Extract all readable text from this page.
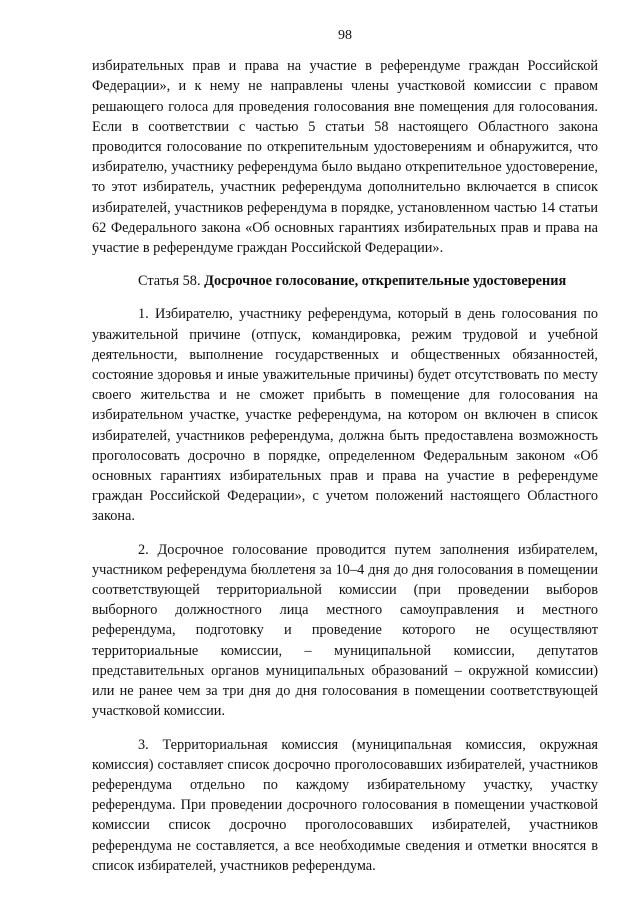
98

избирательных прав и права на участие в референдуме граждан Российской Федерации», и к нему не направлены члены участковой комиссии с правом решающего голоса для проведения голосования вне помещения для голосования. Если в соответствии с частью 5 статьи 58 настоящего Областного закона проводится голосование по открепительным удостоверениям и обнаружится, что избирателю, участнику референдума было выдано открепительное удостоверение, то этот избиратель, участник референдума дополнительно включается в список избирателей, участников референдума в порядке, установленном частью 14 статьи 62 Федерального закона «Об основных гарантиях избирательных прав и права на участие в референдуме граждан Российской Федерации».

Статья 58. Досрочное голосование, открепительные удостоверения

1. Избирателю, участнику референдума, который в день голосования по уважительной причине (отпуск, командировка, режим трудовой и учебной деятельности, выполнение государственных и общественных обязанностей, состояние здоровья и иные уважительные причины) будет отсутствовать по месту своего жительства и не сможет прибыть в помещение для голосования на избирательном участке, участке референдума, на котором он включен в список избирателей, участников референдума, должна быть предоставлена возможность проголосовать досрочно в порядке, определенном Федеральным законом «Об основных гарантиях избирательных прав и права на участие в референдуме граждан Российской Федерации», с учетом положений настоящего Областного закона.

2. Досрочное голосование проводится путем заполнения избирателем, участником референдума бюллетеня за 10–4 дня до дня голосования в помещении соответствующей территориальной комиссии (при проведении выборов выборного должностного лица местного самоуправления и местного референдума, подготовку и проведение которого не осуществляют территориальные комиссии, – муниципальной комиссии, депутатов представительных органов муниципальных образований – окружной комиссии) или не ранее чем за три дня до дня голосования в помещении соответствующей участковой комиссии.

3. Территориальная комиссия (муниципальная комиссия, окружная комиссия) составляет список досрочно проголосовавших избирателей, участников референдума отдельно по каждому избирательному участку, участку референдума. При проведении досрочного голосования в помещении участковой комиссии список досрочно проголосовавших избирателей, участников референдума не составляется, а все необходимые сведения и отметки вносятся в список избирателей, участников референдума.
